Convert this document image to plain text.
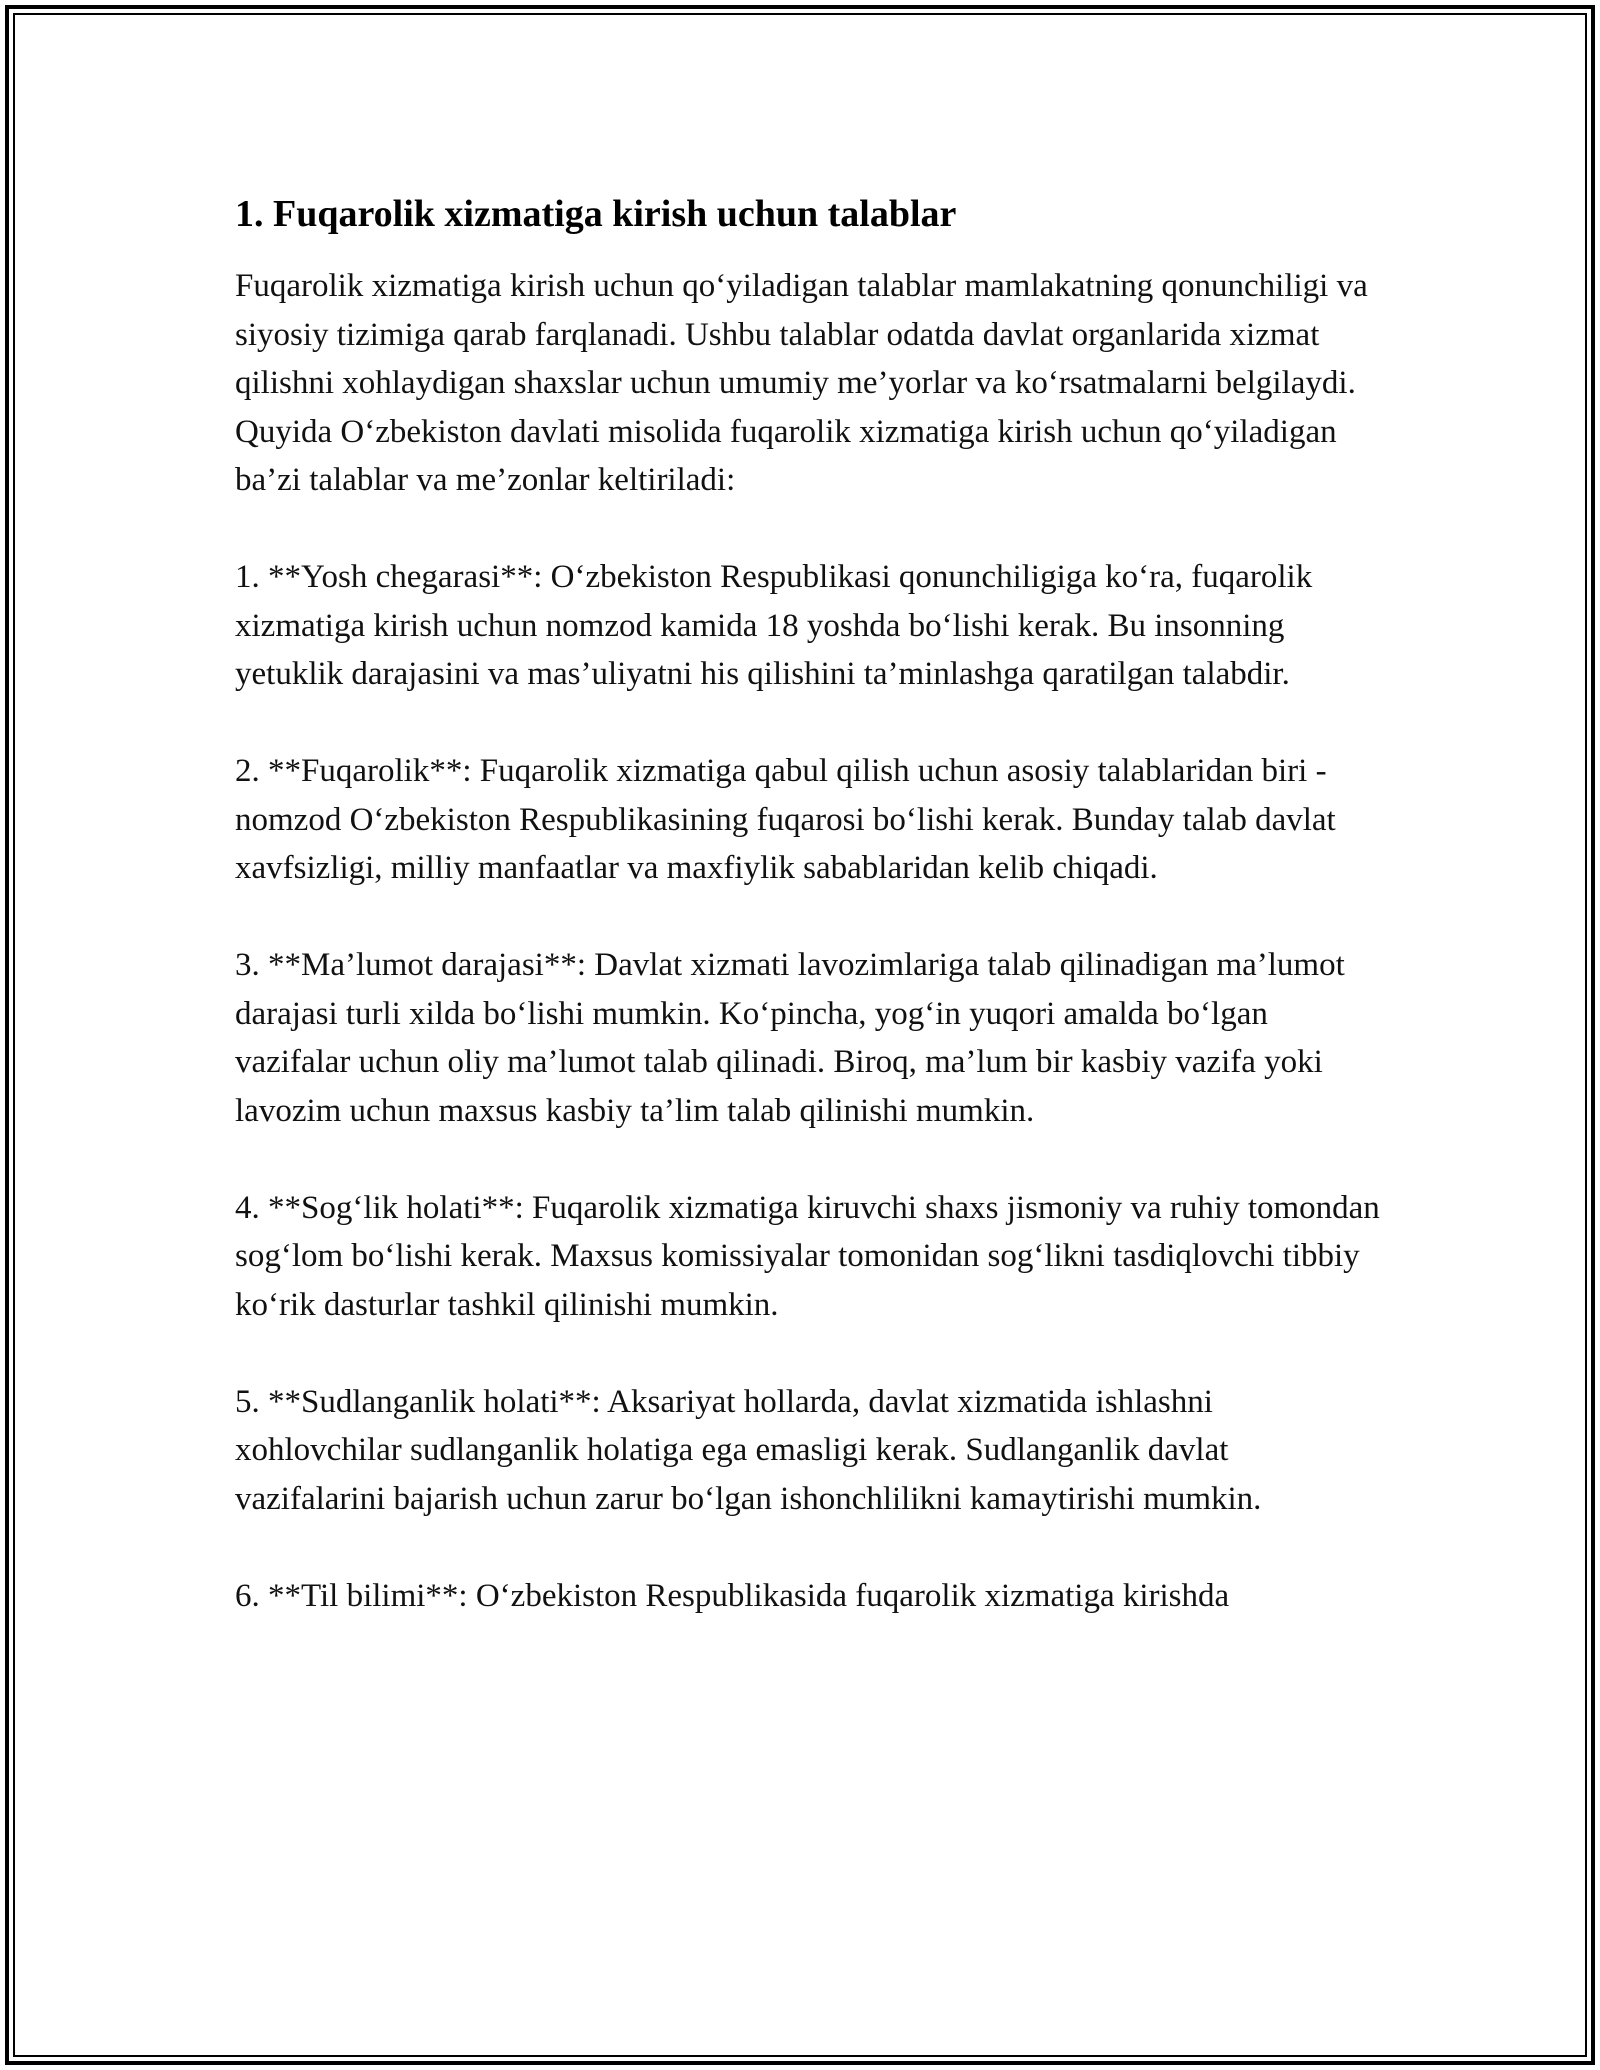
1. Fuqarolik xizmatiga kirish uchun talablar

Fuqarolik xizmatiga kirish uchun qo‘yiladigan talablar mamlakatning qonunchiligi va siyosiy tizimiga qarab farqlanadi. Ushbu talablar odatda davlat organlarida xizmat qilishni xohlaydigan shaxslar uchun umumiy me’yorlar va ko‘rsatmalarni belgilaydi. Quyida O‘zbekiston davlati misolida fuqarolik xizmatiga kirish uchun qo‘yiladigan ba’zi talablar va me’zonlar keltiriladi:

1. **Yosh chegarasi**: O‘zbekiston Respublikasi qonunchiligiga ko‘ra, fuqarolik xizmatiga kirish uchun nomzod kamida 18 yoshda bo‘lishi kerak. Bu insonning yetuklik darajasini va mas’uliyatni his qilishini ta’minlashga qaratilgan talabdir.

2. **Fuqarolik**: Fuqarolik xizmatiga qabul qilish uchun asosiy talablaridan biri - nomzod O‘zbekiston Respublikasining fuqarosi bo‘lishi kerak. Bunday talab davlat xavfsizligi, milliy manfaatlar va maxfiylik sabablaridan kelib chiqadi.

3. **Ma’lumot darajasi**: Davlat xizmati lavozimlariga talab qilinadigan ma’lumot darajasi turli xilda bo‘lishi mumkin. Ko‘pincha, yog‘in yuqori amalda bo‘lgan vazifalar uchun oliy ma’lumot talab qilinadi. Biroq, ma’lum bir kasbiy vazifa yoki lavozim uchun maxsus kasbiy ta’lim talab qilinishi mumkin.

4. **Sog‘lik holati**: Fuqarolik xizmatiga kiruvchi shaxs jismoniy va ruhiy tomondan sog‘lom bo‘lishi kerak. Maxsus komissiyalar tomonidan sog‘likni tasdiqlovchi tibbiy ko‘rik dasturlar tashkil qilinishi mumkin.

5. **Sudlanganlik holati**: Aksariyat hollarda, davlat xizmatida ishlashni xohlovchilar sudlanganlik holatiga ega emasligi kerak. Sudlanganlik davlat vazifalarini bajarish uchun zarur bo‘lgan ishonchlilikni kamaytirishi mumkin.

6. **Til bilimi**: O‘zbekiston Respublikasida fuqarolik xizmatiga kirishda
